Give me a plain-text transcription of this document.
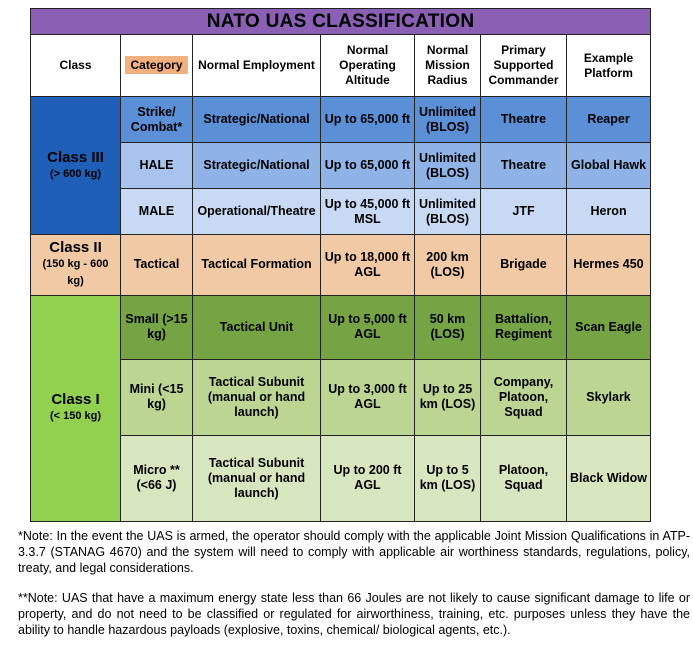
NATO UAS CLASSIFICATION						
Class	Category	Normal Employment	Normal Operating Altitude	Normal Mission Radius	Primary Supported Commander	Example Platform

Class III
(> 600 kg)	Strike/ Combat*	Strategic/National	Up to 65,000 ft	Unlimited (BLOS)	Theatre	Reaper
	HALE	Strategic/National	Up to 65,000 ft	Unlimited (BLOS)	Theatre	Global Hawk
	MALE	Operational/Theatre	Up to 45,000 ft MSL	Unlimited (BLOS)	JTF	Heron

Class II
(150 kg - 600 kg)	Tactical	Tactical Formation	Up to 18,000 ft AGL	200 km (LOS)	Brigade	Hermes 450

Class I
(< 150 kg)	Small (>15 kg)	Tactical Unit	Up to 5,000 ft AGL	50 km (LOS)	Battalion, Regiment	Scan Eagle
	Mini (<15 kg)	Tactical Subunit (manual or hand launch)	Up to 3,000 ft AGL	Up to 25 km (LOS)	Company, Platoon, Squad	Skylark
	Micro ** (<66 J)	Tactical Subunit (manual or hand launch)	Up to 200 ft AGL	Up to 5 km (LOS)	Platoon, Squad	Black Widow
*Note: In the event the UAS is armed, the operator should comply with the applicable Joint Mission Qualifications in ATP-3.3.7 (STANAG 4670) and the system will need to comply with applicable air worthiness standards, regulations, policy, treaty, and legal considerations.
**Note: UAS that have a maximum energy state less than 66 Joules are not likely to cause significant damage to life or property, and do not need to be classified or regulated for airworthiness, training, etc. purposes unless they have the ability to handle hazardous payloads (explosive, toxins, chemical/ biological agents, etc.).
